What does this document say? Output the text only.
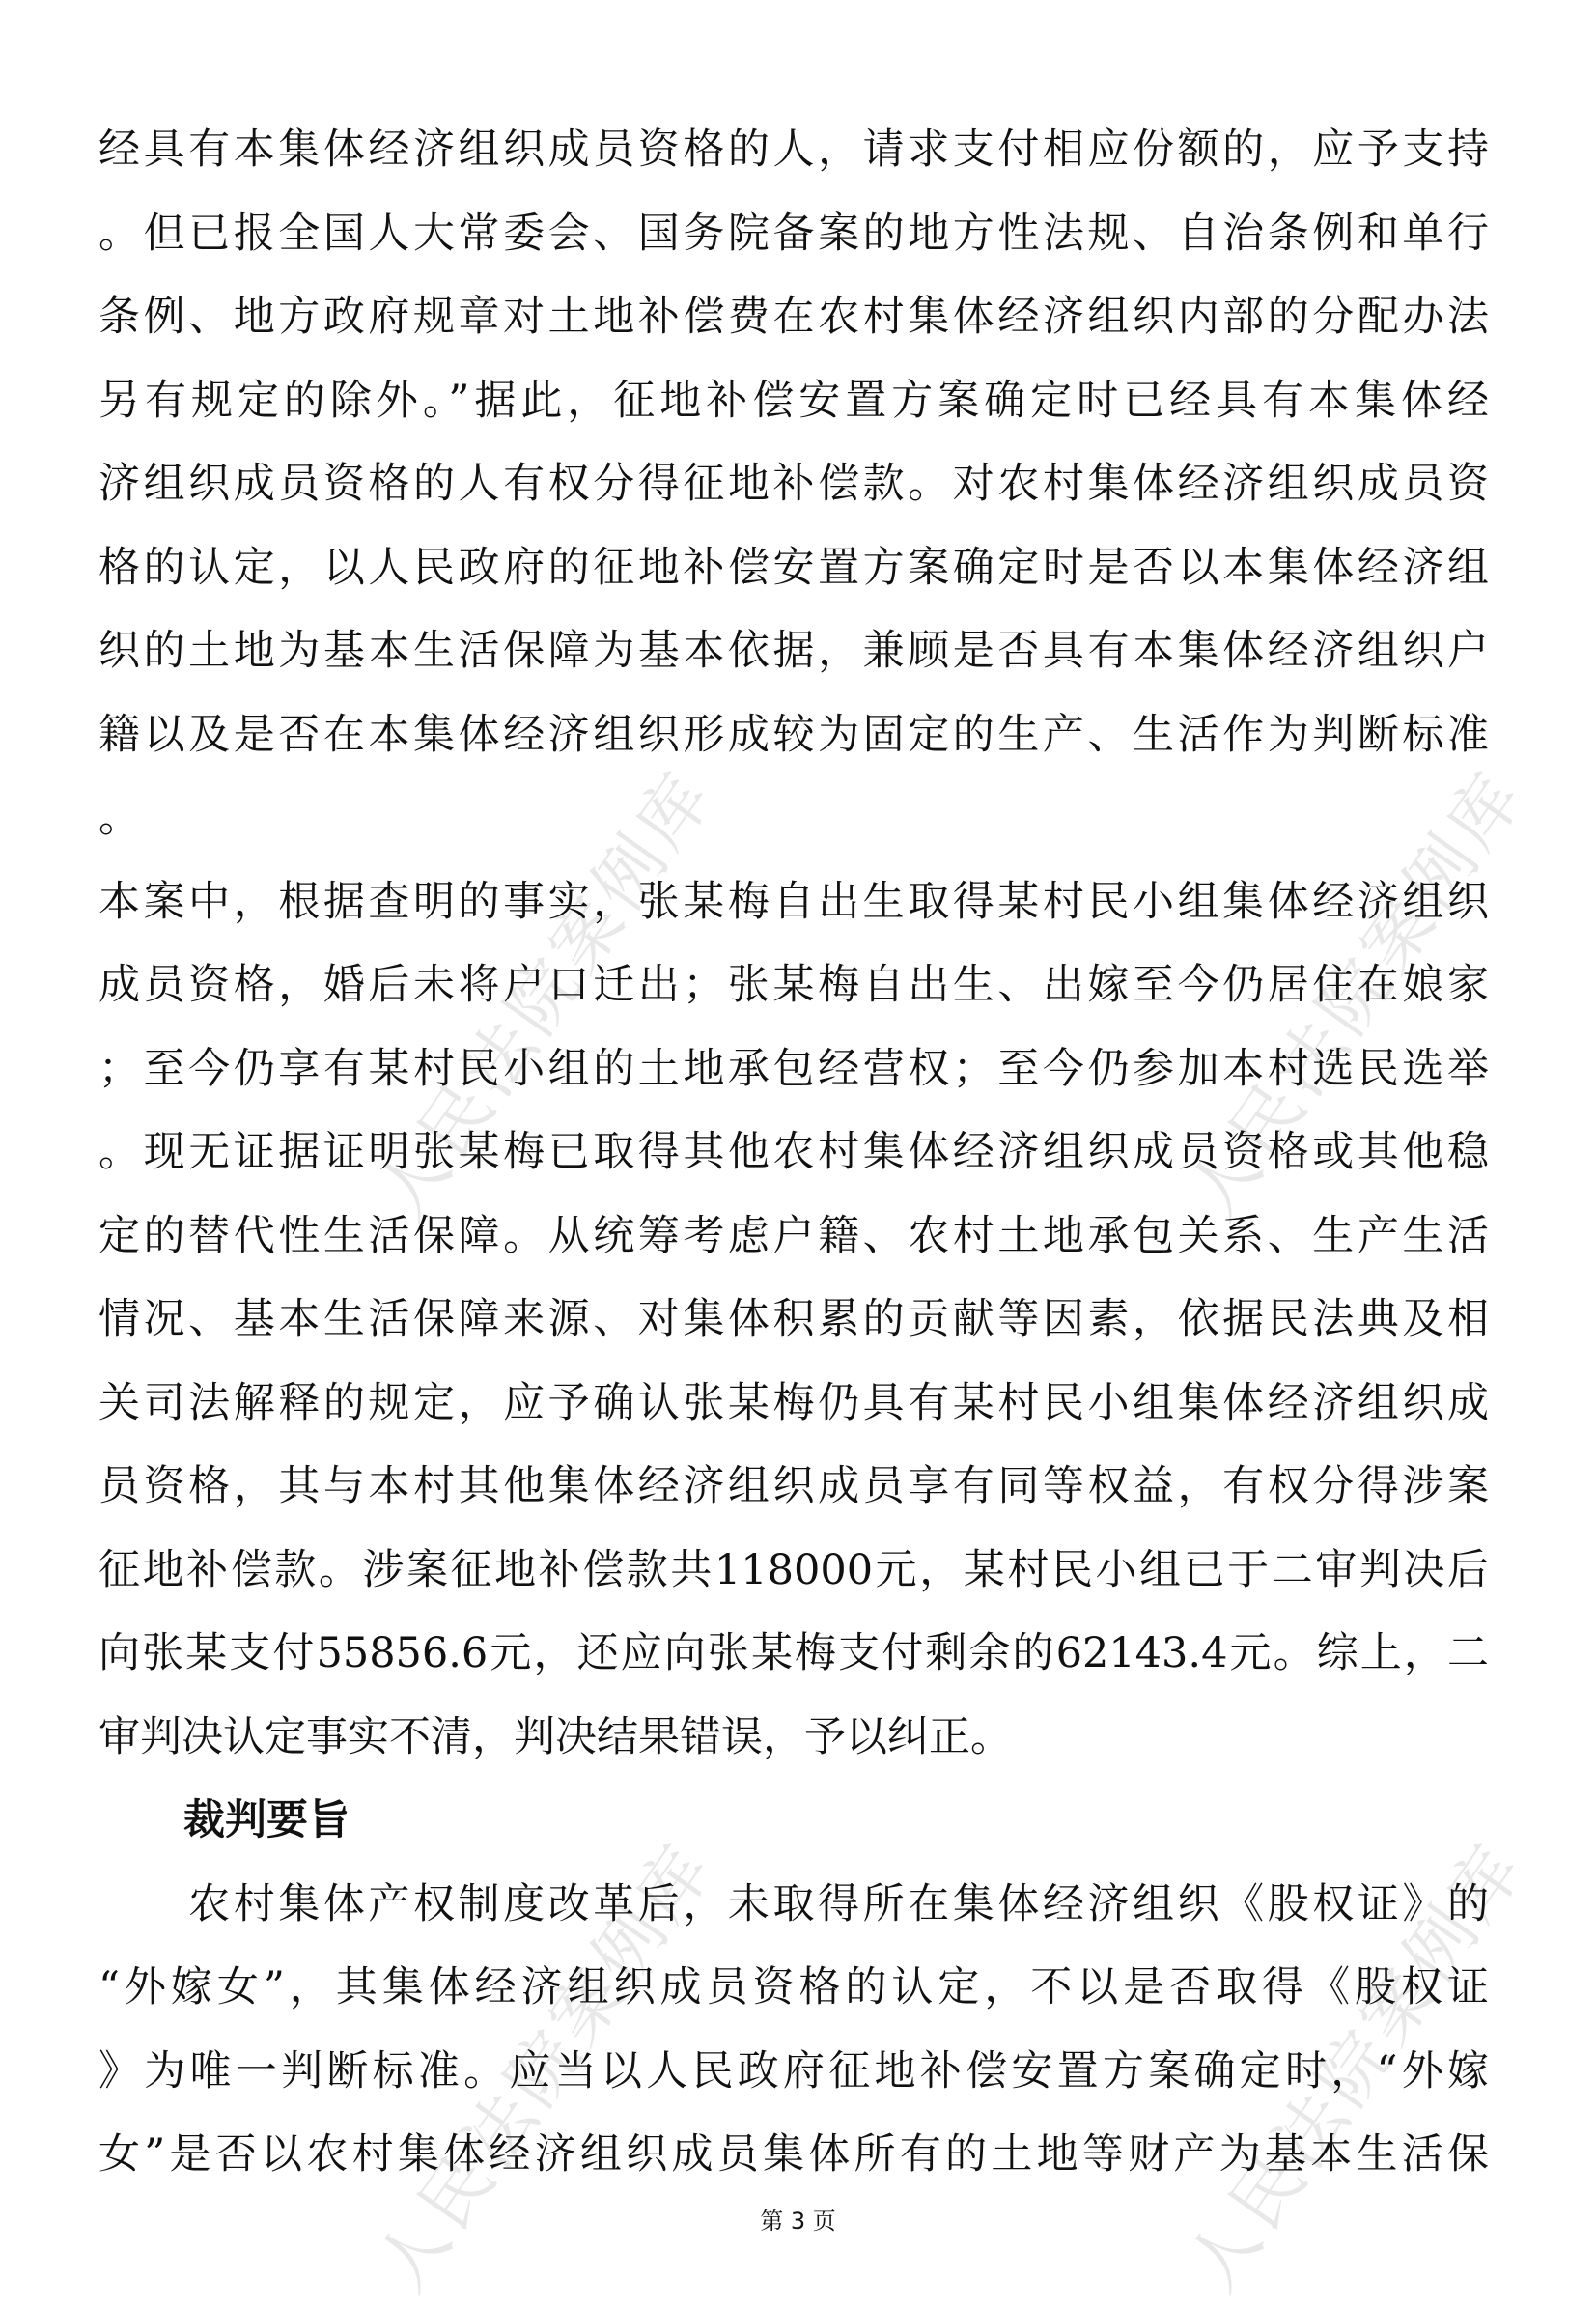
人民法院案例库	人民法院案例库
人民法院案例库	人民法院案例库
经具有本集体经济组织成员资格的人，请求支付相应份额的，应予支持
。但已报全国人大常委会、国务院备案的地方性法规、自治条例和单行
条例、地方政府规章对土地补偿费在农村集体经济组织内部的分配办法
另有规定的除外。”据此，征地补偿安置方案确定时已经具有本集体经
济组织成员资格的人有权分得征地补偿款。对农村集体经济组织成员资
格的认定，以人民政府的征地补偿安置方案确定时是否以本集体经济组
织的土地为基本生活保障为基本依据，兼顾是否具有本集体经济组织户
籍以及是否在本集体经济组织形成较为固定的生产、生活作为判断标准
。
本案中，根据查明的事实，张某梅自出生取得某村民小组集体经济组织
成员资格，婚后未将户口迁出；张某梅自出生、出嫁至今仍居住在娘家
；至今仍享有某村民小组的土地承包经营权；至今仍参加本村选民选举
。现无证据证明张某梅已取得其他农村集体经济组织成员资格或其他稳
定的替代性生活保障。从统筹考虑户籍、农村土地承包关系、生产生活
情况、基本生活保障来源、对集体积累的贡献等因素，依据民法典及相
关司法解释的规定，应予确认张某梅仍具有某村民小组集体经济组织成
员资格，其与本村其他集体经济组织成员享有同等权益，有权分得涉案
征地补偿款。涉案征地补偿款共118000元，某村民小组已于二审判决后
向张某支付55856.6元，还应向张某梅支付剩余的62143.4元。综上，二
审判决认定事实不清，判决结果错误，予以纠正。
裁判要旨
　　农村集体产权制度改革后，未取得所在集体经济组织《股权证》的
“外嫁女”，其集体经济组织成员资格的认定，不以是否取得《股权证
》为唯一判断标准。应当以人民政府征地补偿安置方案确定时，“外嫁
女”是否以农村集体经济组织成员集体所有的土地等财产为基本生活保
第 3 页
